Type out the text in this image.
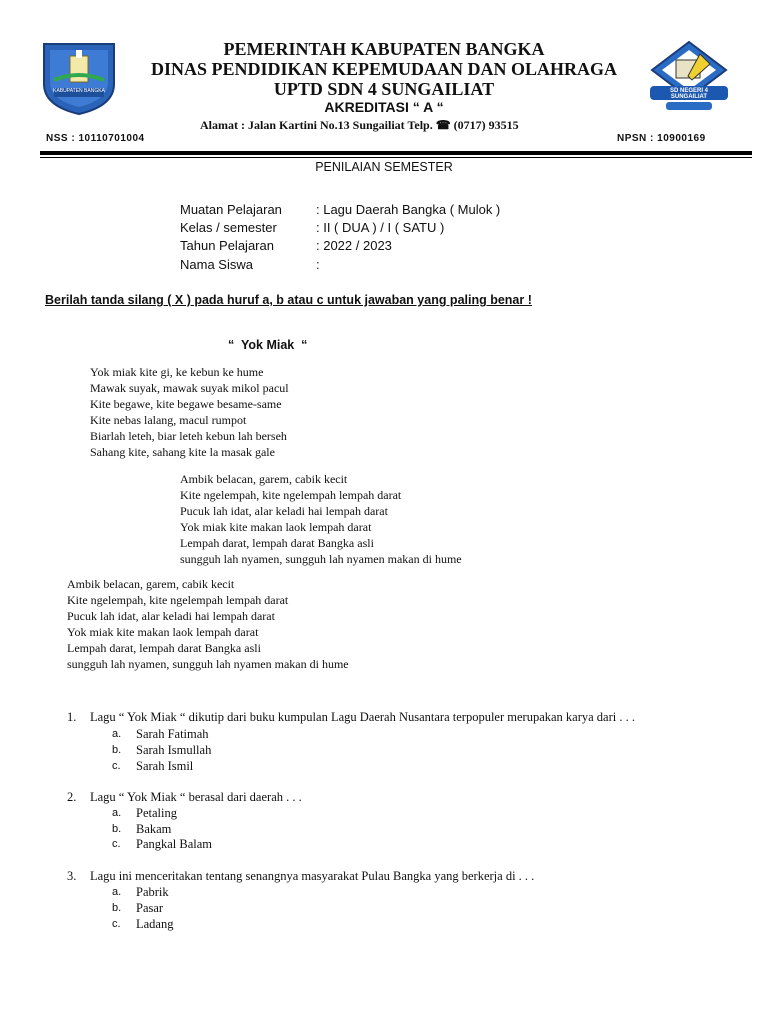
KABUPATEN BANGKA	SD NEGERI 4 SUNGAILIAT
PEMERINTAH KABUPATEN BANGKA
DINAS PENDIDIKAN KEPEMUDAAN DAN OLAHRAGA
UPTD SDN 4 SUNGAILIAT
AKREDITASI “ A “
Alamat : Jalan Kartini No.13 Sungailiat Telp. ☎ (0717) 93515
NSS : 10110701004	NPSN : 10900169
PENILAIAN SEMESTER
Muatan Pelajaran	: Lagu Daerah Bangka ( Mulok )
Kelas / semester	: II ( DUA ) / I ( SATU )
Tahun Pelajaran	: 2022 / 2023
Nama Siswa	:
Berilah tanda silang ( X ) pada huruf a, b atau c untuk jawaban yang paling benar !
“  Yok Miak  “
Yok miak kite gi, ke kebun ke hume
Mawak suyak, mawak suyak mikol pacul
Kite begawe, kite begawe besame-same
Kite nebas lalang, macul rumpot
Biarlah leteh, biar leteh kebun lah berseh
Sahang kite, sahang kite la masak gale
Ambik belacan, garem, cabik kecit
Kite ngelempah, kite ngelempah lempah darat
Pucuk lah idat, alar keladi hai lempah darat
Yok miak kite makan laok lempah darat
Lempah darat, lempah darat Bangka asli
sungguh lah nyamen, sungguh lah nyamen makan di hume
Ambik belacan, garem, cabik kecit
Kite ngelempah, kite ngelempah lempah darat
Pucuk lah idat, alar keladi hai lempah darat
Yok miak kite makan laok lempah darat
Lempah darat, lempah darat Bangka asli
sungguh lah nyamen, sungguh lah nyamen makan di hume
1. Lagu “ Yok Miak “ dikutip dari buku kumpulan Lagu Daerah Nusantara terpopuler merupakan karya dari . . .
a. Sarah Fatimah
b. Sarah Ismullah
c. Sarah Ismil
2. Lagu “ Yok Miak “ berasal dari daerah . . .
a. Petaling
b. Bakam
c. Pangkal Balam
3. Lagu ini menceritakan tentang senangnya masyarakat Pulau Bangka yang berkerja di . . .
a. Pabrik
b. Pasar
c. Ladang
